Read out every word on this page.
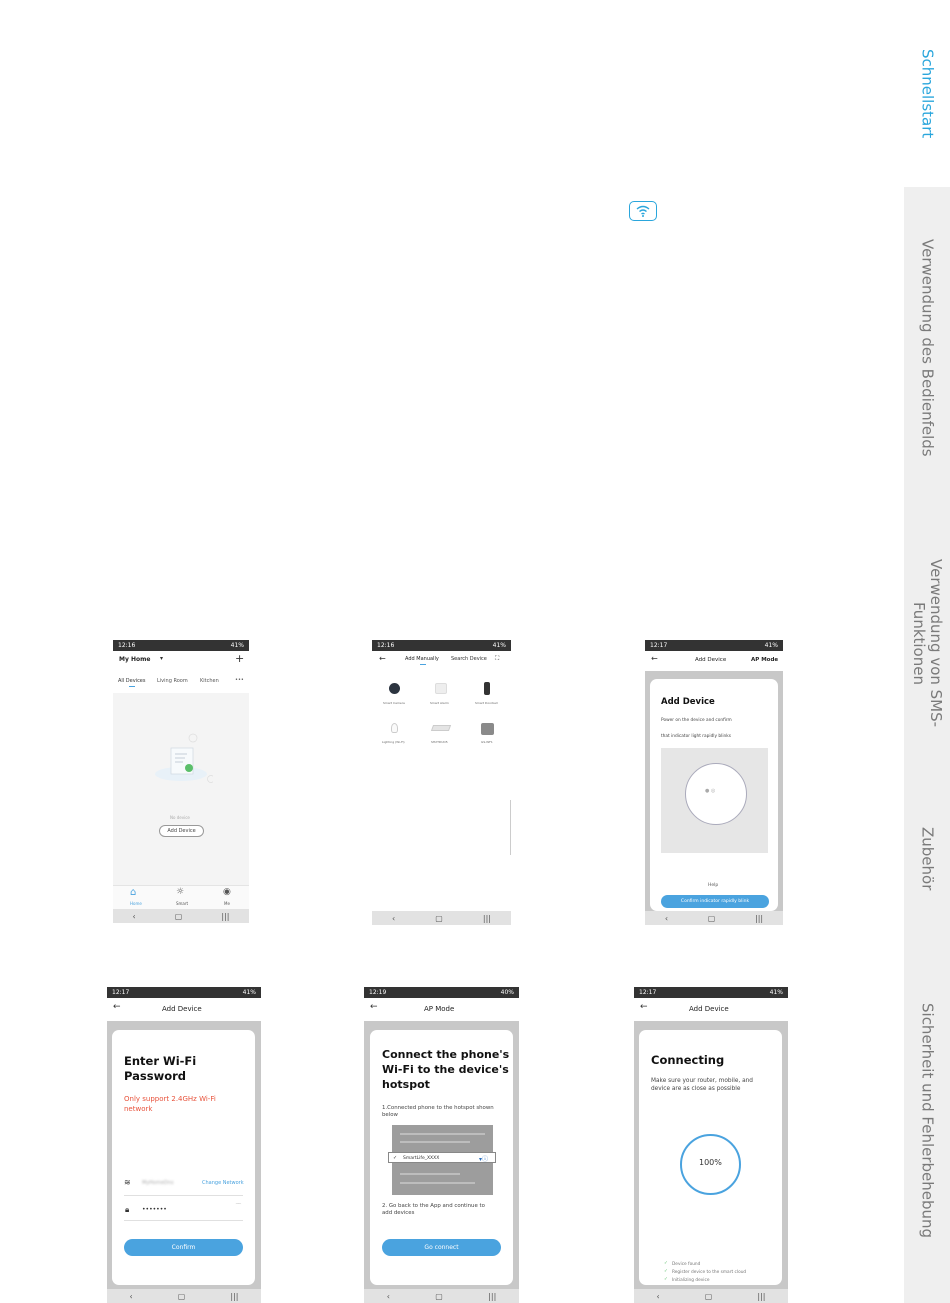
12:16	41%
My Home ▾	+
All Devices Living Room Kitchen	•••
No device
Add Device
⌂
Home
☼
Smart
◉
Me
‹	▢	|||
12:16	41%
←	Add Manually Search Device ⛶
Smart Camera	Smart Alarm	Smart Doorbell
Lighting (Wi-Fi)	SH2TDUO5	GS-WF1
‹	▢	|||
12:17	41%
←	Add Device	AP Mode
Add Device
Power on the device and confirm
that indicator light rapidly blinks
● ◎
Help
Confirm indicator rapidly blink
‹	▢	|||
12:17	41%
←	Add Device
Enter Wi-Fi
Password
Only support 2.4GHz Wi-Fi
network
≋ MyHomeDns	Change Network
🔒︎ •••••••	⁀
Confirm
‹	▢	|||
12:19	40%
←	AP Mode
Connect the phone's
Wi-Fi to the device's
hotspot
1.Connected phone to the hotspot shown
below
✓ SmartLife_XXXX	▾ⓘ
2. Go back to the App and continue to
add devices
Go connect
‹	▢	|||
12:17	41%
←	Add Device
Connecting
Make sure your router, mobile, and
device are as close as possible
100%
✓ Device found
✓ Register device to the smart cloud
✓ Initializing device
‹	▢	|||
Schnellstart
Verwendung des Bedienfelds
Verwendung von SMS-
Funktionen
Zubehör
Sicherheit und Fehlerbehebung
